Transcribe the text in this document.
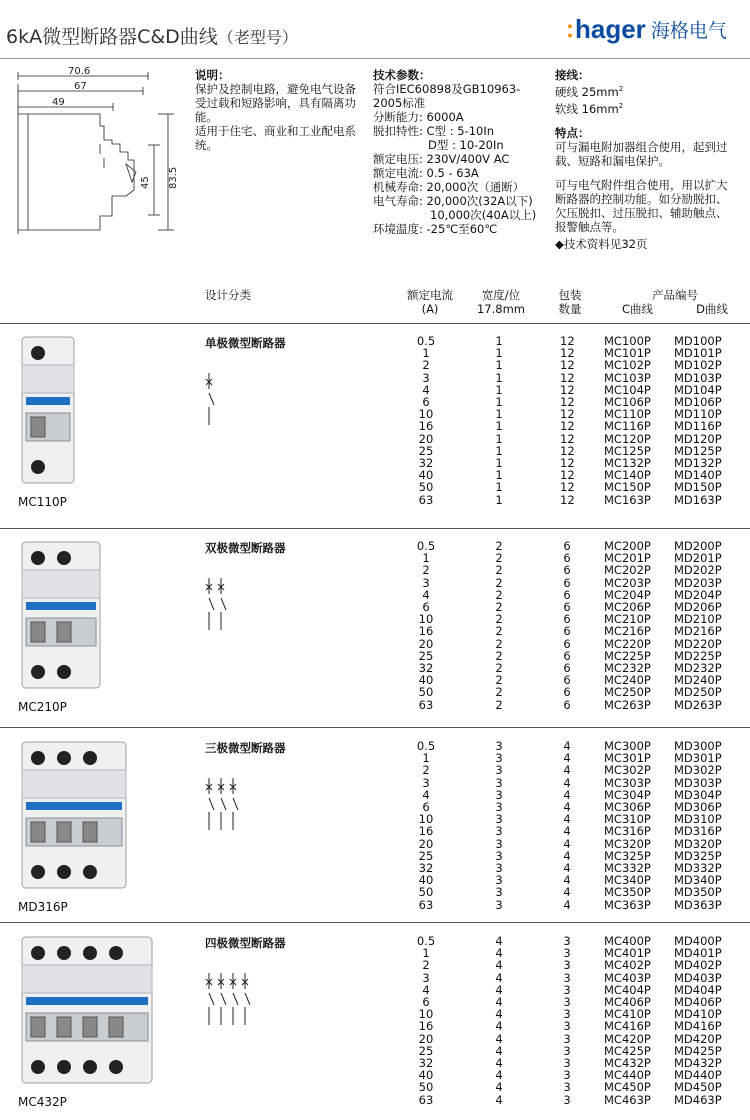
6kA微型断路器C&D曲线（老型号）	: hager 海格电气
70.6
67
49
45 83.5
说明：
保护及控制电路，避免电气设备受过载和短路影响，具有隔离功能。
适用于住宅、商业和工业配电系统。
技术参数：
符合IEC60898及GB10963-2005标准
分断能力: 6000A
脱扣特性: C型 : 5-10In
D型 : 10-20In
额定电压: 230V/400V AC
额定电流: 0.5 - 63A
机械寿命: 20,000次（通断）
电气寿命: 20,000次(32A以下)
10,000次(40A以上)
环境温度: -25℃至60℃
接线：
硬线 $25mm^2$
软线 $16mm^2$
特点：
可与漏电附加器组合使用，起到过载、短路和漏电保护。
可与电气附件组合使用，用以扩大断路器的控制功能。如分励脱扣、欠压脱扣、过压脱扣、辅助触点、报警触点等。
◆技术资料见32页
设计分类	额定电流
(A)
宽度/位
17.8mm
包装
数量
产品编号
C曲线	D曲线
单极微型断路器
MC110P
0.5	1	12	MC100P	MD100P
1	1	12	MC101P	MD101P
2	1	12	MC102P	MD102P
3	1	12	MC103P	MD103P
4	1	12	MC104P	MD104P
6	1	12	MC106P	MD106P
10	1	12	MC110P	MD110P
16	1	12	MC116P	MD116P
20	1	12	MC120P	MD120P
25	1	12	MC125P	MD125P
32	1	12	MC132P	MD132P
40	1	12	MC140P	MD140P
50	1	12	MC150P	MD150P
63	1	12	MC163P	MD163P
双极微型断路器
MC210P
0.5	2	6	MC200P	MD200P
1	2	6	MC201P	MD201P
2	2	6	MC202P	MD202P
3	2	6	MC203P	MD203P
4	2	6	MC204P	MD204P
6	2	6	MC206P	MD206P
10	2	6	MC210P	MD210P
16	2	6	MC216P	MD216P
20	2	6	MC220P	MD220P
25	2	6	MC225P	MD225P
32	2	6	MC232P	MD232P
40	2	6	MC240P	MD240P
50	2	6	MC250P	MD250P
63	2	6	MC263P	MD263P
三极微型断路器
MD316P
0.5	3	4	MC300P	MD300P
1	3	4	MC301P	MD301P
2	3	4	MC302P	MD302P
3	3	4	MC303P	MD303P
4	3	4	MC304P	MD304P
6	3	4	MC306P	MD306P
10	3	4	MC310P	MD310P
16	3	4	MC316P	MD316P
20	3	4	MC320P	MD320P
25	3	4	MC325P	MD325P
32	3	4	MC332P	MD332P
40	3	4	MC340P	MD340P
50	3	4	MC350P	MD350P
63	3	4	MC363P	MD363P
四极微型断路器
MC432P
0.5	4	3	MC400P	MD400P
1	4	3	MC401P	MD401P
2	4	3	MC402P	MD402P
3	4	3	MC403P	MD403P
4	4	3	MC404P	MD404P
6	4	3	MC406P	MD406P
10	4	3	MC410P	MD410P
16	4	3	MC416P	MD416P
20	4	3	MC420P	MD420P
25	4	3	MC425P	MD425P
32	4	3	MC432P	MD432P
40	4	3	MC440P	MD440P
50	4	3	MC450P	MD450P
63	4	3	MC463P	MD463P
